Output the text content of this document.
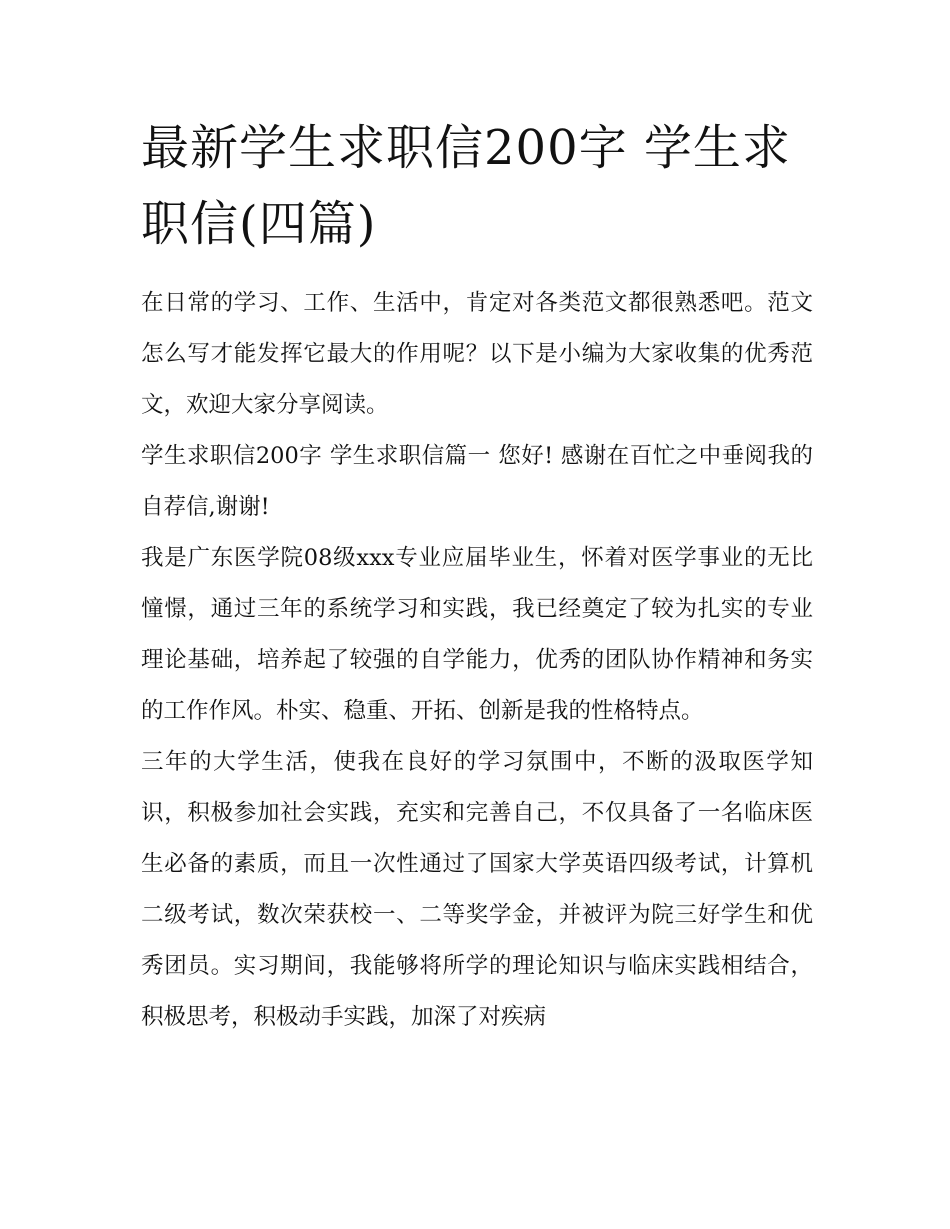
最新学生求职信200字 学生求职信(四篇)

在日常的学习、工作、生活中，肯定对各类范文都很熟悉吧。范文怎么写才能发挥它最大的作用呢？以下是小编为大家收集的优秀范文，欢迎大家分享阅读。

学生求职信200字 学生求职信篇一 您好! 感谢在百忙之中垂阅我的自荐信,谢谢!

我是广东医学院08级xxx专业应届毕业生，怀着对医学事业的无比憧憬，通过三年的系统学习和实践，我已经奠定了较为扎实的专业理论基础，培养起了较强的自学能力，优秀的团队协作精神和务实的工作作风。朴实、稳重、开拓、创新是我的性格特点。

三年的大学生活，使我在良好的学习氛围中，不断的汲取医学知识，积极参加社会实践，充实和完善自己，不仅具备了一名临床医生必备的素质，而且一次性通过了国家大学英语四级考试，计算机二级考试，数次荣获校一、二等奖学金，并被评为院三好学生和优秀团员。实习期间，我能够将所学的理论知识与临床实践相结合，积极思考，积极动手实践，加深了对疾病
